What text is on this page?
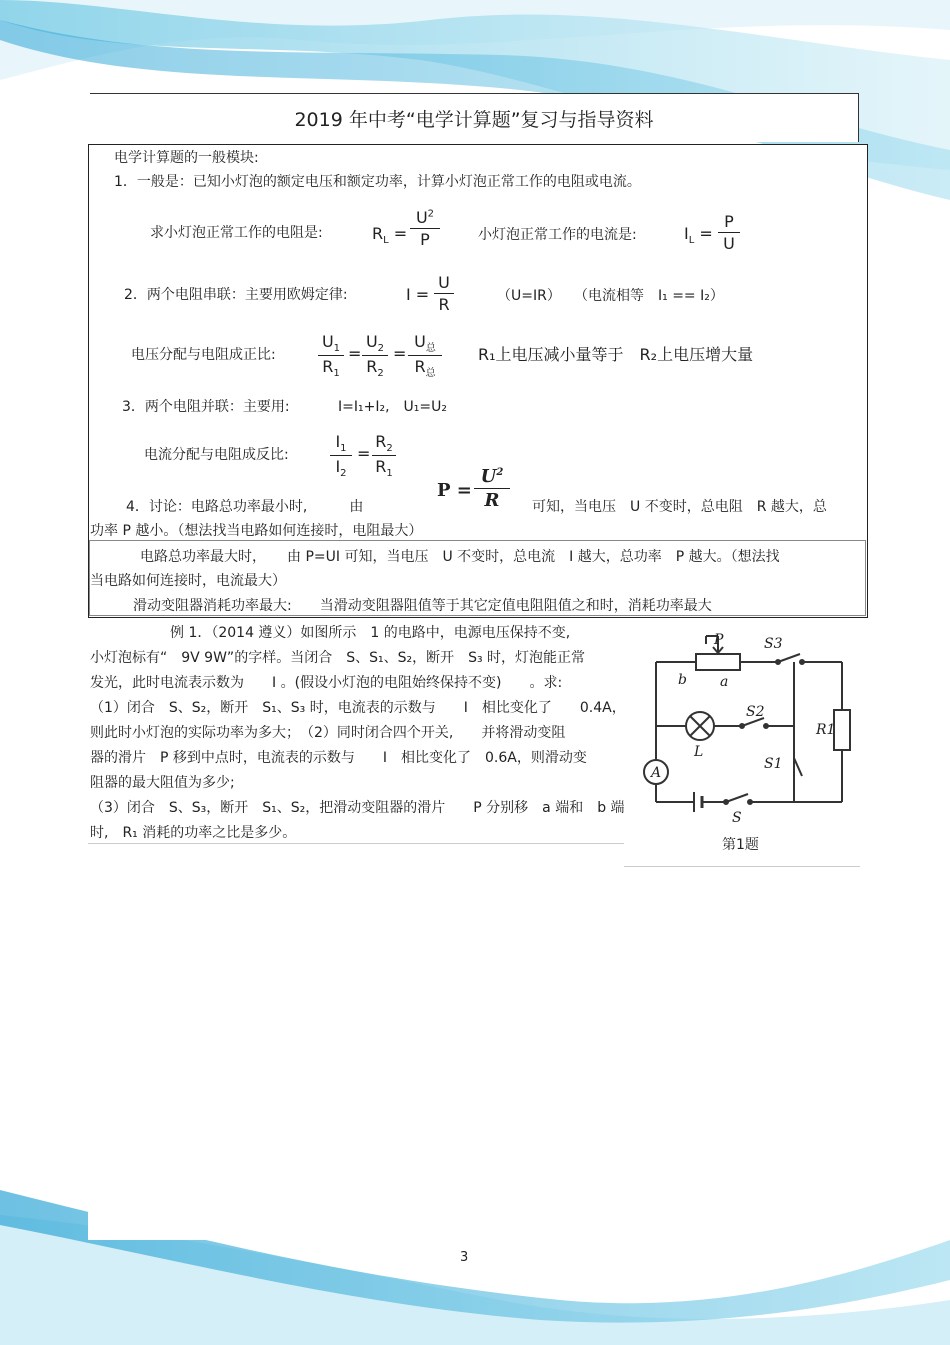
2019 年中考“电学计算题”复习与指导资料
电学计算题的一般模块:
1．一般是：已知小灯泡的额定电压和额定功率，计算小灯泡正常工作的电阻或电流。
求小灯泡正常工作的电阻是:	$R_L$ =
$U^2$
P	小灯泡正常工作的电流是:	$I_L$ =
P
U
2．两个电阻串联：主要用欧姆定律:	I =
U
R	（U=IR） （电流相等　I₁ == I₂）
电压分配与电阻成正比:
$U_1$
$R_1$
=
$U_2$
$R_2$
=
$U_总$
$R_总$
R₁上电压减小量等于　R₂上电压增大量
3．两个电阻并联：主要用:	I=I₁+I₂,　U₁=U₂
电流分配与电阻成反比:
$I_1$
$I_2$
=
$R_2$
$R_1$
4．讨论：电路总功率最小时,　　　由
P =
$U^2$
R	可知，当电压　U 不变时，总电阻　R 越大，总
功率 P 越小。（想法找当电路如何连接时，电阻最大）
电路总功率最大时，　　由 P=UI 可知，当电压　U 不变时，总电流　I 越大，总功率　P 越大。（想法找
当电路如何连接时，电流最大）
滑动变阻器消耗功率最大:　　当滑动变阻器阻值等于其它定值电阻阻值之和时，消耗功率最大
例 1．（2014 遵义）如图所示　1 的电路中，电源电压保持不变,
小灯泡标有“　9V 9W”的字样。当闭合　S、S₁、S₂，断开　S₃ 时，灯泡能正常
发光，此时电流表示数为　　I 。(假设小灯泡的电阻始终保持不变)　　。求:
（1）闭合　S、S₂，断开　S₁、S₃ 时，电流表的示数与　　I　相比变化了　　0.4A，
则此时小灯泡的实际功率为多大；　（2）同时闭合四个开关,　　并将滑动变阻
器的滑片　P 移到中点时，电流表的示数与　　I　相比变化了　0.6A，则滑动变
阻器的最大阻值为多少;
（3）闭合　S、S₃，断开　S₁、S₂，把滑动变阻器的滑片　　P 分别移　a 端和　b 端
时,　R₁ 消耗的功率之比是多少。
P	S3
b a
S2
R1
L
S1
A
S
第1题
3
